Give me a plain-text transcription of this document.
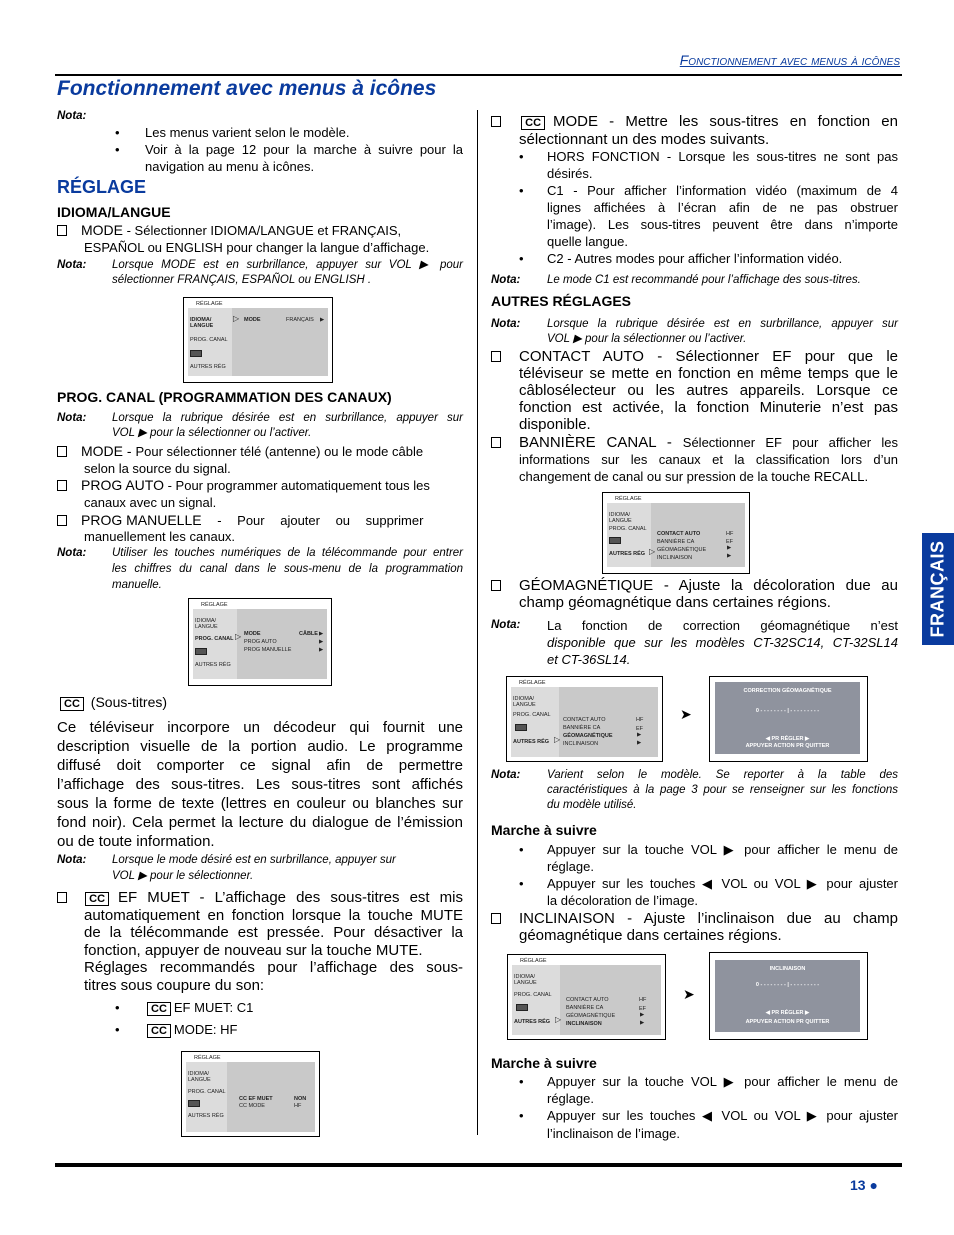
Fonctionnement avec menus à icônes
Fonctionnement avec menus à icônes
Nota:
• Les menus varient selon le modèle.
• Voir à la page 12 pour la marche à suivre pour la
navigation au menu à icônes.
RÉGLAGE
IDIOMA/LANGUE
MODE - Sélectionner IDIOMA/LANGUE et FRANÇAIS,
ESPAÑOL ou ENGLISH pour changer la langue d’affichage.
Nota: Lorsque MODE est en surbrillance, appuyer sur VOL ▶ pour
sélectionner FRANÇAIS, ESPAÑOL ou ENGLISH .
RÉGLAGE
IDIOMA/
LANGUE
▷ MODE	FRANÇAIS ▶
PROG. CANAL
AUTRES RÉG
PROG. CANAL (PROGRAMMATION DES CANAUX)
Nota: Lorsque la rubrique désirée est en surbrillance, appuyer sur
VOL ▶ pour la sélectionner ou l’activer.
MODE - Pour sélectionner télé (antenne) ou le mode câble
selon la source du signal.
PROG AUTO - Pour programmer automatiquement tous les
canaux avec un signal.
PROG MANUELLE - Pour ajouter ou supprimer
manuellement les canaux.
Nota: Utiliser les touches numériques de la télécommande pour entrer
les chiffres du canal dans le sous-menu de la programmation
manuelle.
RÉGLAGE
IDIOMA/
LANGUE
PROG. CANAL ▷ MODE	CÂBLE ▶
PROG AUTO	▶
PROG MANUELLE	▶
AUTRES RÉG
CC (Sous-titres)
Ce téléviseur incorpore un décodeur qui fournit une
description visuelle de la portion audio. Le programme
diffusé doit comporter ce signal afin de permettre
l’affichage des sous-titres. Les sous-titres sont affichés
sous la forme de texte (lettres en couleur ou blanches sur
fond noir). Cela permet la lecture du dialogue de l’émission
ou de toute information.
Nota: Lorsque le mode désiré est en surbrillance, appuyer sur
VOL ▶ pour le sélectionner.
CC EF MUET - L’affichage des sous-titres est mis
automatiquement en fonction lorsque la touche MUTE
de la télécommande est pressée. Pour désactiver la
fonction, appuyer de nouveau sur la touche MUTE.
Réglages recommandés pour l’affichage des sous-
titres sous coupure du son:
•	CC EF MUET: C1
•	CC MODE: HF
RÉGLAGE
IDIOMA/
LANGUE
PROG. CANAL
AUTRES RÉG
CC EF MUET	NON
CC MODE	HF
CC MODE - Mettre les sous-titres en fonction en
sélectionnant un des modes suivants.
• HORS FONCTION - Lorsque les sous-titres ne sont pas
désirés.
• C1 - Pour afficher l’information vidéo (maximum de 4
lignes affichées à l’écran afin de ne pas obstruer
l’image). Les sous-titres peuvent être dans n’importe
quelle langue.
• C2 - Autres modes pour afficher l’information vidéo.
Nota: Le mode C1 est recommandé pour l’affichage des sous-titres.
AUTRES RÉGLAGES
Nota: Lorsque la rubrique désirée est en surbrillance, appuyer sur
VOL ▶ pour la sélectionner ou l’activer.
CONTACT AUTO - Sélectionner EF pour que le
téléviseur se mette en fonction en même temps que le
câblosélecteur ou les autres appareils. Lorsque ce
fonction est activée, la fonction Minuterie n’est pas
disponible.
BANNIÈRE CANAL - Sélectionner EF pour afficher les
informations sur les canaux et la classification lors d’un
changement de canal ou sur pression de la touche RECALL.
RÉGLAGE
IDIOMA/
LANGUE
PROG. CANAL
AUTRES RÉG ▷
CONTACT AUTO	HF
BANNIÈRE CA	EF
GÉOMAGNÉTIQUE	▶
INCLINAISON	▶
GÉOMAGNÉTIQUE - Ajuste la décoloration due au
champ géomagnétique dans certaines régions.
Nota: La fonction de correction géomagnétique n’est
disponible que sur les modèles CT-32SC14, CT-32SL14
et CT-36SL14.
RÉGLAGE
IDIOMA/
LANGUE
PROG. CANAL
AUTRES RÉG ▷
CONTACT AUTO	HF
BANNIÈRE CA	EF
GÉOMAGNÉTIQUE	▶
INCLINAISON	▶
➤
CORRECTION GÉOMAGNÉTIQUE
0 - - - - - - - - | - - - - - - - - -
◀ PR RÉGLER ▶
APPUYER ACTION PR QUITTER
Nota: Varient selon le modèle. Se reporter à la table des
caractéristiques à la page 3 pour se renseigner sur les fonctions
du modèle utilisé.
Marche à suivre
• Appuyer sur la touche VOL ▶ pour afficher le menu de
réglage.
• Appuyer sur les touches ◀ VOL ou VOL ▶ pour ajuster
la décoloration de l’image.
INCLINAISON - Ajuste l’inclinaison due au champ
géomagnétique dans certaines régions.
RÉGLAGE
IDIOMA/
LANGUE
PROG. CANAL
AUTRES RÉG ▷
CONTACT AUTO	HF
BANNIÈRE CA	EF
GÉOMAGNÉTIQUE	▶
INCLINAISON	▶
➤
INCLINAISON
0 - - - - - - - - | - - - - - - - - -
◀ PR RÉGLER ▶
APPUYER ACTION PR QUITTER
Marche à suivre
• Appuyer sur la touche VOL ▶ pour afficher le menu de
réglage.
• Appuyer sur les touches ◀ VOL ou VOL ▶ pour ajuster
l’inclinaison de l’image.
FRANÇAIS
13 ●
